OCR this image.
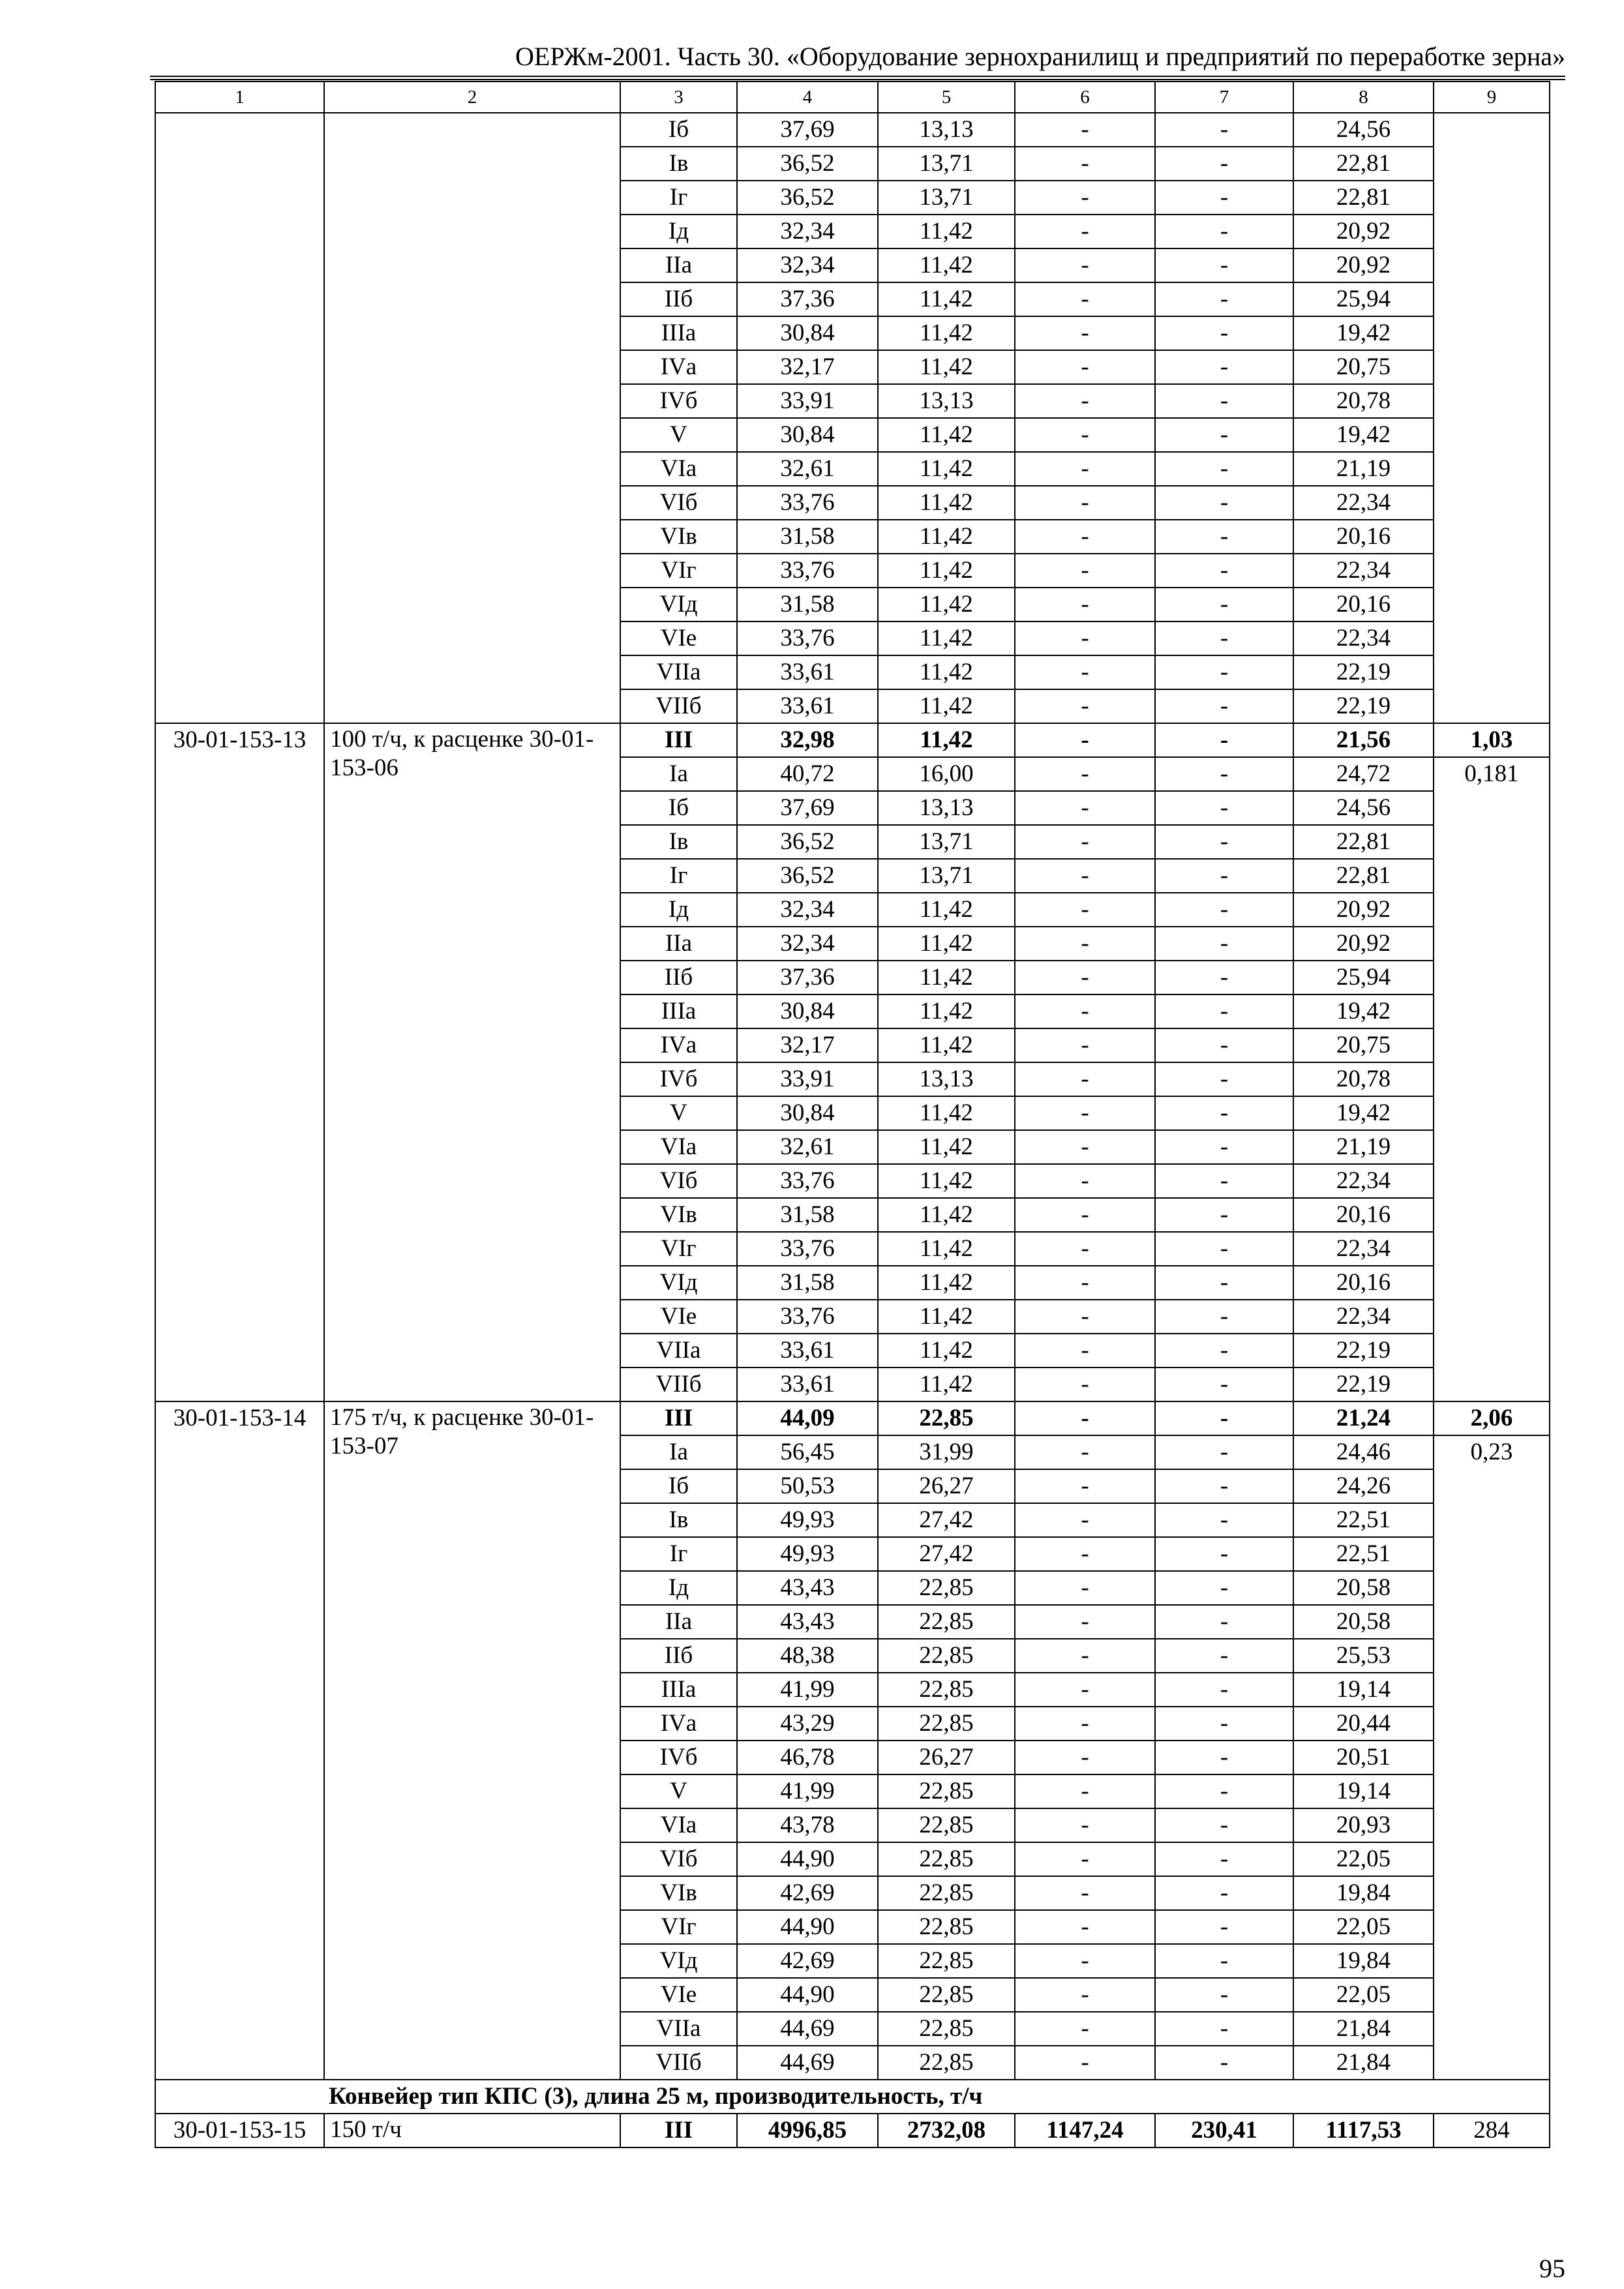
ОЕРЖм-2001. Часть 30. «Оборудование зернохранилищ и предприятий по переработке зерна»
1	2	3	4	5	6	7	8	9
		Iб	37,69	13,13	-	-	24,56	
		Iв	36,52	13,71	-	-	22,81	
		Iг	36,52	13,71	-	-	22,81	
		Iд	32,34	11,42	-	-	20,92	
		IIа	32,34	11,42	-	-	20,92	
		IIб	37,36	11,42	-	-	25,94	
		IIIа	30,84	11,42	-	-	19,42	
		IVа	32,17	11,42	-	-	20,75	
		IVб	33,91	13,13	-	-	20,78	
		V	30,84	11,42	-	-	19,42	
		VIа	32,61	11,42	-	-	21,19	
		VIб	33,76	11,42	-	-	22,34	
		VIв	31,58	11,42	-	-	20,16	
		VIг	33,76	11,42	-	-	22,34	
		VIд	31,58	11,42	-	-	20,16	
		VIе	33,76	11,42	-	-	22,34	
		VIIа	33,61	11,42	-	-	22,19	
		VIIб	33,61	11,42	-	-	22,19	
30-01-153-13	100 т/ч, к расценке 30-01-153-06	III	32,98	11,42	-	-	21,56	1,03
		Iа	40,72	16,00	-	-	24,72	0,181
		Iб	37,69	13,13	-	-	24,56	
		Iв	36,52	13,71	-	-	22,81	
		Iг	36,52	13,71	-	-	22,81	
		Iд	32,34	11,42	-	-	20,92	
		IIа	32,34	11,42	-	-	20,92	
		IIб	37,36	11,42	-	-	25,94	
		IIIа	30,84	11,42	-	-	19,42	
		IVа	32,17	11,42	-	-	20,75	
		IVб	33,91	13,13	-	-	20,78	
		V	30,84	11,42	-	-	19,42	
		VIа	32,61	11,42	-	-	21,19	
		VIб	33,76	11,42	-	-	22,34	
		VIв	31,58	11,42	-	-	20,16	
		VIг	33,76	11,42	-	-	22,34	
		VIд	31,58	11,42	-	-	20,16	
		VIе	33,76	11,42	-	-	22,34	
		VIIа	33,61	11,42	-	-	22,19	
		VIIб	33,61	11,42	-	-	22,19	
30-01-153-14	175 т/ч, к расценке 30-01-153-07	III	44,09	22,85	-	-	21,24	2,06
		Iа	56,45	31,99	-	-	24,46	0,23
		Iб	50,53	26,27	-	-	24,26	
		Iв	49,93	27,42	-	-	22,51	
		Iг	49,93	27,42	-	-	22,51	
		Iд	43,43	22,85	-	-	20,58	
		IIа	43,43	22,85	-	-	20,58	
		IIб	48,38	22,85	-	-	25,53	
		IIIа	41,99	22,85	-	-	19,14	
		IVа	43,29	22,85	-	-	20,44	
		IVб	46,78	26,27	-	-	20,51	
		V	41,99	22,85	-	-	19,14	
		VIа	43,78	22,85	-	-	20,93	
		VIб	44,90	22,85	-	-	22,05	
		VIв	42,69	22,85	-	-	19,84	
		VIг	44,90	22,85	-	-	22,05	
		VIд	42,69	22,85	-	-	19,84	
		VIе	44,90	22,85	-	-	22,05	
		VIIа	44,69	22,85	-	-	21,84	
		VIIб	44,69	22,85	-	-	21,84	
Конвейер тип КПС (3), длина 25 м, производительность, т/ч								
30-01-153-15	150 т/ч	III	4996,85	2732,08	1147,24	230,41	1117,53	284
95
